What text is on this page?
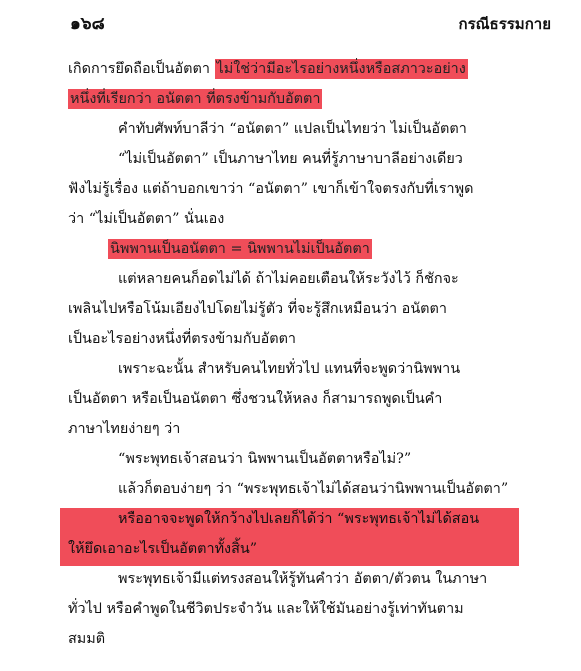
๑๖๘	กรณีธรรมกาย
เกิดการยึดถือเป็นอัตตา ไม่ใช่ว่ามีอะไรอย่างหนึ่งหรือสภาวะอย่าง
หนึ่งที่เรียกว่า อนัตตา ที่ตรงข้ามกับอัตตา
คำทับศัพท์บาลีว่า “อนัตตา” แปลเป็นไทยว่า ไม่เป็นอัตตา
“ไม่เป็นอัตตา” เป็นภาษาไทย คนที่รู้ภาษาบาลีอย่างเดียว
ฟังไม่รู้เรื่อง แต่ถ้าบอกเขาว่า “อนัตตา” เขาก็เข้าใจตรงกับที่เราพูด
ว่า “ไม่เป็นอัตตา” นั่นเอง
นิพพานเป็นอนัตตา = นิพพานไม่เป็นอัตตา
แต่หลายคนก็อดไม่ได้ ถ้าไม่คอยเตือนให้ระวังไว้ ก็ชักจะ
เพลินไปหรือโน้มเอียงไปโดยไม่รู้ตัว ที่จะรู้สึกเหมือนว่า อนัตตา
เป็นอะไรอย่างหนึ่งที่ตรงข้ามกับอัตตา
เพราะฉะนั้น สำหรับคนไทยทั่วไป แทนที่จะพูดว่านิพพาน
เป็นอัตตา หรือเป็นอนัตตา ซึ่งชวนให้หลง ก็สามารถพูดเป็นคำ
ภาษาไทยง่ายๆ ว่า
“พระพุทธเจ้าสอนว่า นิพพานเป็นอัตตาหรือไม่?”
แล้วก็ตอบง่ายๆ ว่า “พระพุทธเจ้าไม่ได้สอนว่านิพพานเป็นอัตตา”
หรืออาจจะพูดให้กว้างไปเลยก็ได้ว่า “พระพุทธเจ้าไม่ได้สอน
ให้ยึดเอาอะไรเป็นอัตตาทั้งสิ้น”
พระพุทธเจ้ามีแต่ทรงสอนให้รู้ทันคำว่า อัตตา/ตัวตน ในภาษา
ทั่วไป หรือคำพูดในชีวิตประจำวัน และให้ใช้มันอย่างรู้เท่าทันตาม
สมมติ
